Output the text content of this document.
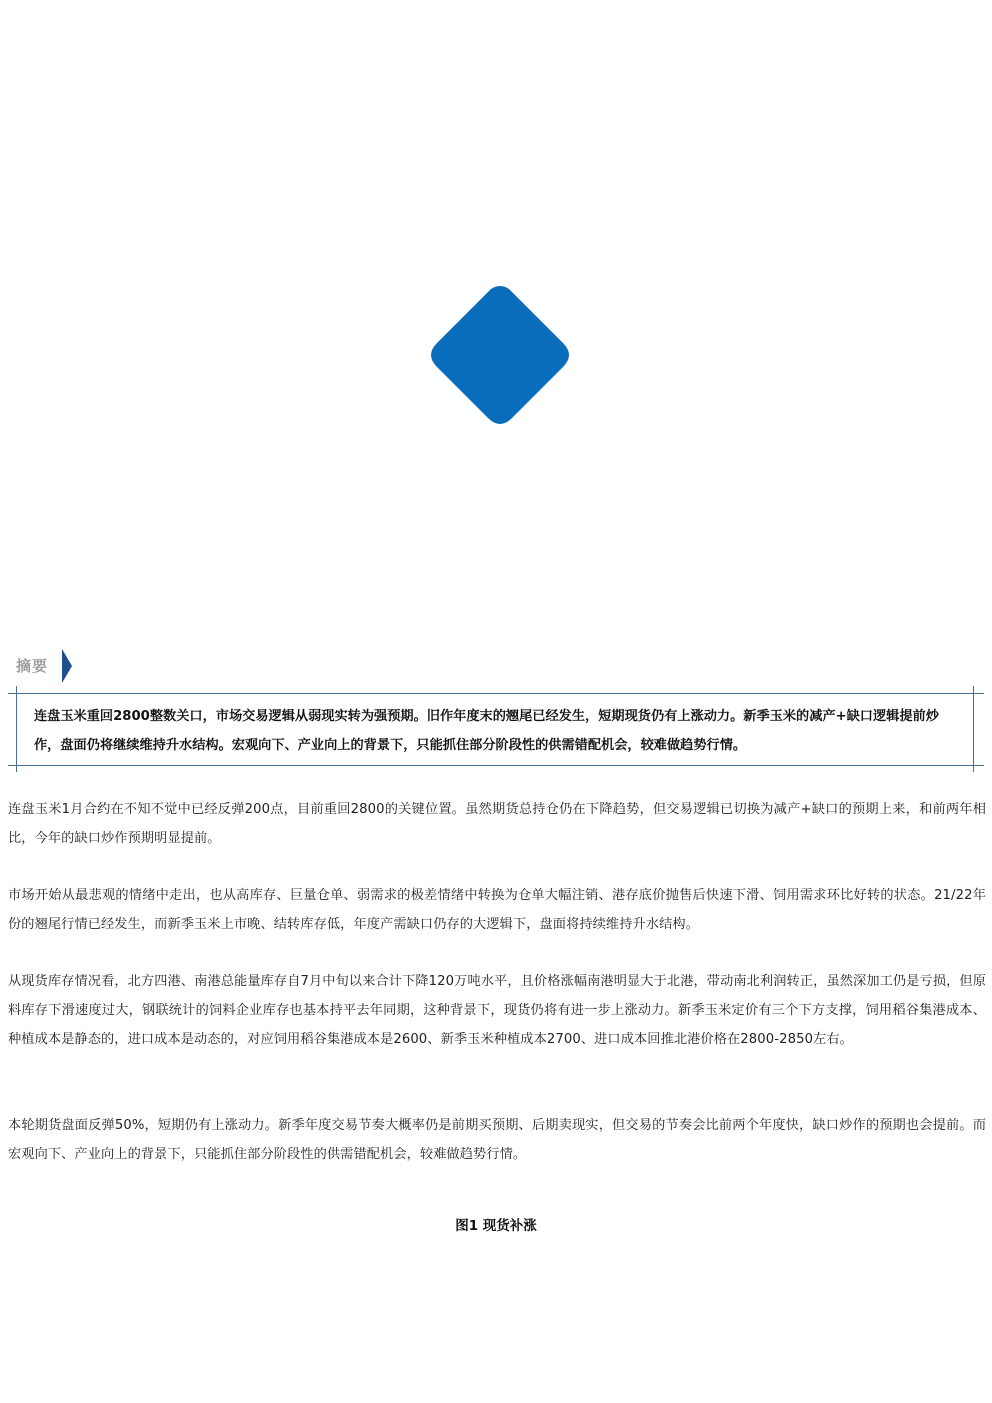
摘要
连盘玉米重回2800整数关口，市场交易逻辑从弱现实转为强预期。旧作年度末的翘尾已经发生，短期现货仍有上涨动力。新季玉米的减产+缺口逻辑提前炒作，盘面仍将继续维持升水结构。宏观向下、产业向上的背景下，只能抓住部分阶段性的供需错配机会，较难做趋势行情。
连盘玉米1月合约在不知不觉中已经反弹200点，目前重回2800的关键位置。虽然期货总持仓仍在下降趋势，但交易逻辑已切换为减产+缺口的预期上来，和前两年相比，今年的缺口炒作预期明显提前。
市场开始从最悲观的情绪中走出，也从高库存、巨量仓单、弱需求的极差情绪中转换为仓单大幅注销、港存底价抛售后快速下滑、饲用需求环比好转的状态。21/22年份的翘尾行情已经发生，而新季玉米上市晚、结转库存低，年度产需缺口仍存的大逻辑下，盘面将持续维持升水结构。
从现货库存情况看，北方四港、南港总能量库存自7月中旬以来合计下降120万吨水平，且价格涨幅南港明显大于北港，带动南北利润转正，虽然深加工仍是亏损，但原料库存下滑速度过大，钢联统计的饲料企业库存也基本持平去年同期，这种背景下，现货仍将有进一步上涨动力。新季玉米定价有三个下方支撑，饲用稻谷集港成本、种植成本是静态的，进口成本是动态的，对应饲用稻谷集港成本是2600、新季玉米种植成本2700、进口成本回推北港价格在2800-2850左右。
本轮期货盘面反弹50%，短期仍有上涨动力。新季年度交易节奏大概率仍是前期买预期、后期卖现实，但交易的节奏会比前两个年度快，缺口炒作的预期也会提前。而宏观向下、产业向上的背景下，只能抓住部分阶段性的供需错配机会，较难做趋势行情。
图1 现货补涨
